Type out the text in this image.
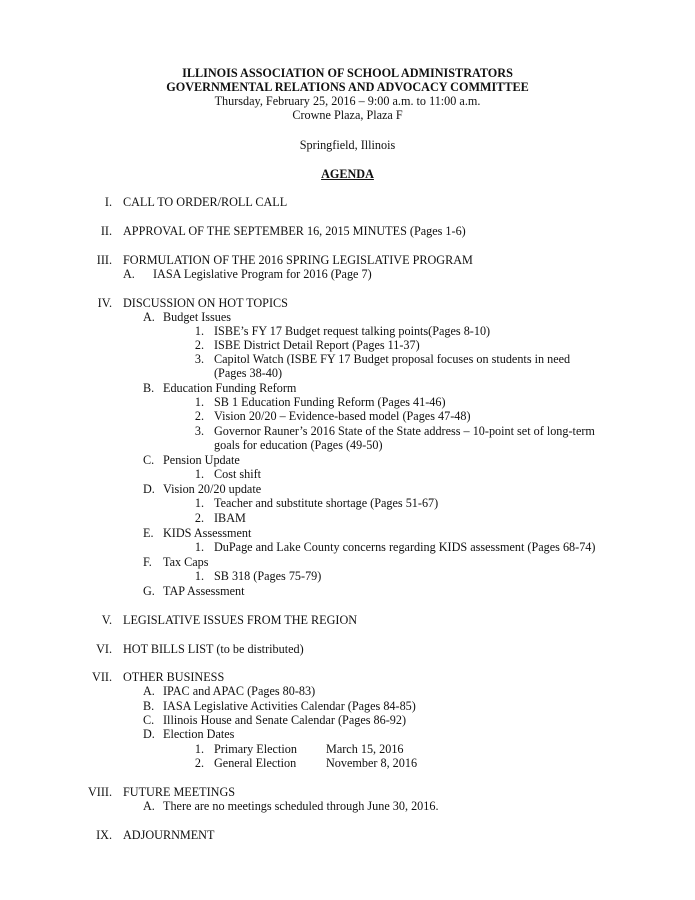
ILLINOIS ASSOCIATION OF SCHOOL ADMINISTRATORS
GOVERNMENTAL RELATIONS AND ADVOCACY COMMITTEE
Thursday, February 25, 2016 – 9:00 a.m. to 11:00 a.m.
Crowne Plaza, Plaza F
Springfield, Illinois
AGENDA
I. CALL TO ORDER/ROLL CALL
II. APPROVAL OF THE SEPTEMBER 16, 2015 MINUTES (Pages 1-6)
III. FORMULATION OF THE 2016 SPRING LEGISLATIVE PROGRAM
A.	IASA Legislative Program for 2016 (Page 7)
IV. DISCUSSION ON HOT TOPICS
A. Budget Issues
1. ISBE’s FY 17 Budget request talking points(Pages 8-10)
2. ISBE District Detail Report (Pages 11-37)
3. Capitol Watch (ISBE FY 17 Budget proposal focuses on students in need
(Pages 38-40)
B. Education Funding Reform
1. SB 1 Education Funding Reform (Pages 41-46)
2. Vision 20/20 – Evidence-based model (Pages 47-48)
3. Governor Rauner’s 2016 State of the State address – 10-point set of long-term
goals for education (Pages (49-50)
C. Pension Update
1. Cost shift
D. Vision 20/20 update
1. Teacher and substitute shortage (Pages 51-67)
2. IBAM
E. KIDS Assessment
1. DuPage and Lake County concerns regarding KIDS assessment (Pages 68-74)
F. Tax Caps
1. SB 318 (Pages 75-79)
G. TAP Assessment
V. LEGISLATIVE ISSUES FROM THE REGION
VI. HOT BILLS LIST (to be distributed)
VII. OTHER BUSINESS
A. IPAC and APAC (Pages 80-83)
B. IASA Legislative Activities Calendar (Pages 84-85)
C. Illinois House and Senate Calendar (Pages 86-92)
D. Election Dates
1. Primary Election March 15, 2016
2. General Election November 8, 2016
VIII. FUTURE MEETINGS
A. There are no meetings scheduled through June 30, 2016.
IX. ADJOURNMENT
